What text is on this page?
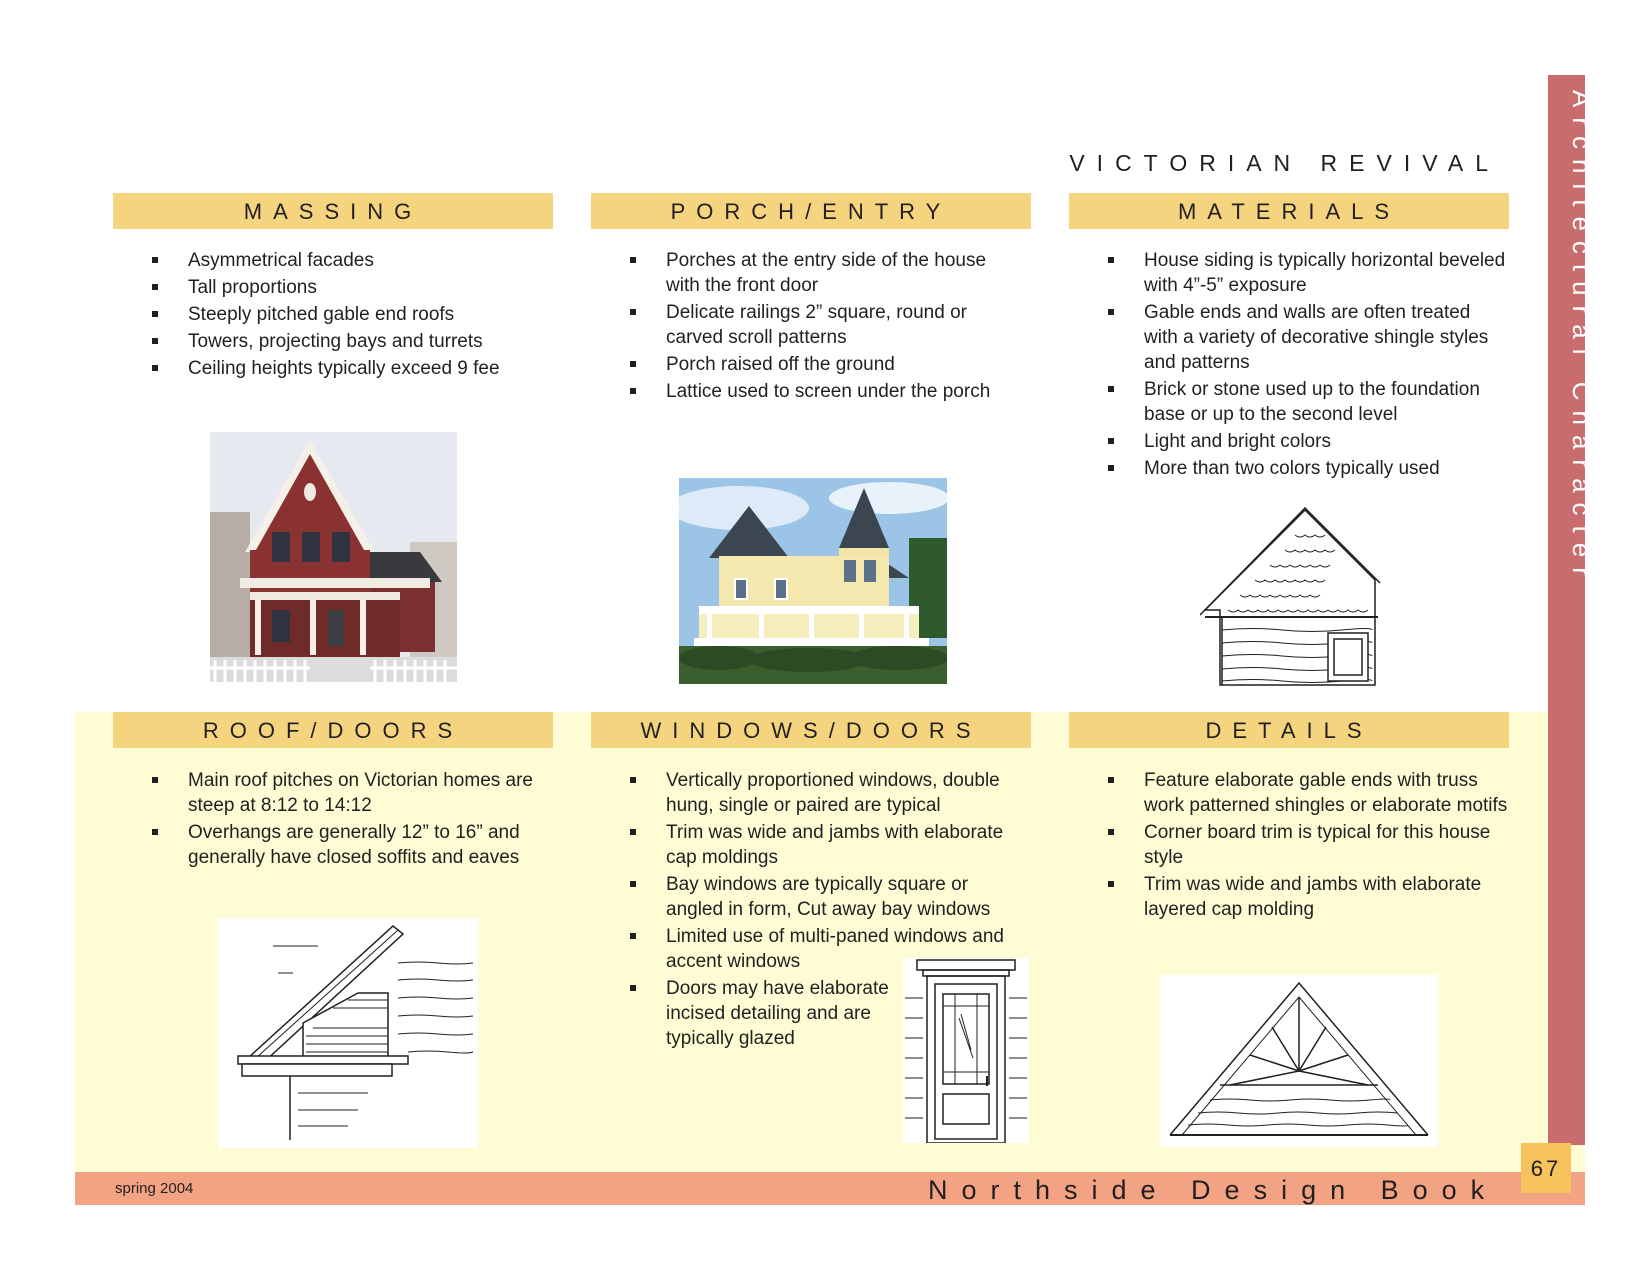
Architectural Character
spring 2004	Northside Design Book
67
VICTORIAN REVIVAL
MASSING
Asymmetrical facades
Tall proportions
Steeply pitched gable end roofs
Towers, projecting bays and turrets
Ceiling heights typically exceed 9 fee
PORCH/ENTRY
Porches at the entry side of the house with the front door
Delicate railings 2” square, round or carved scroll patterns
Porch raised off the ground
Lattice used to screen under the porch
MATERIALS
House siding is typically horizontal beveled with 4”-5” exposure
Gable ends and walls are often treated with a variety of decorative shingle styles and patterns
Brick or stone used up to the foundation base or up to the second level
Light and bright colors
More than two colors typically used
ROOF/DOORS
Main roof pitches on Victorian homes are steep at 8:12 to 14:12
Overhangs are generally 12” to 16” and generally have closed soffits and eaves
WINDOWS/DOORS
Vertically proportioned windows, double hung, single or paired are typical
Trim was wide and jambs with elaborate cap moldings
Bay windows are typically square or angled in form, Cut away bay windows
Limited use of multi-paned windows and accent windows
Doors may have elaborate incised detailing and are typically glazed
DETAILS
Feature elaborate gable ends with truss work patterned shingles or elaborate motifs
Corner board trim is typical for this house style
Trim was wide and jambs with elaborate layered cap molding
